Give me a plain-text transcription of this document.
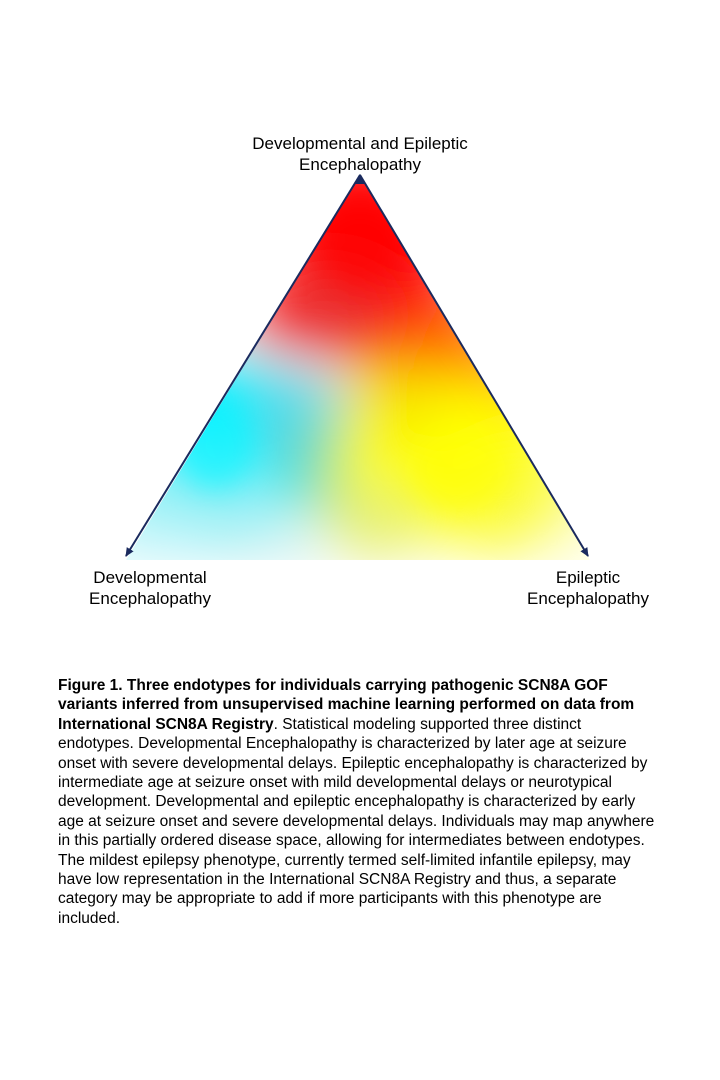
Developmental and Epileptic
Encephalopathy
Developmental
Encephalopathy
Epileptic
Encephalopathy
Figure 1. Three endotypes for individuals carrying pathogenic SCN8A GOF variants inferred from unsupervised machine learning performed on data from International SCN8A Registry. Statistical modeling supported three distinct endotypes. Developmental Encephalopathy is characterized by later age at seizure onset with severe developmental delays. Epileptic encephalopathy is characterized by intermediate age at seizure onset with mild developmental delays or neurotypical development. Developmental and epileptic encephalopathy is characterized by early age at seizure onset and severe developmental delays. Individuals may map anywhere in this partially ordered disease space, allowing for intermediates between endotypes. The mildest epilepsy phenotype, currently termed self-limited infantile epilepsy, may have low representation in the International SCN8A Registry and thus, a separate category may be appropriate to add if more participants with this phenotype are included.
